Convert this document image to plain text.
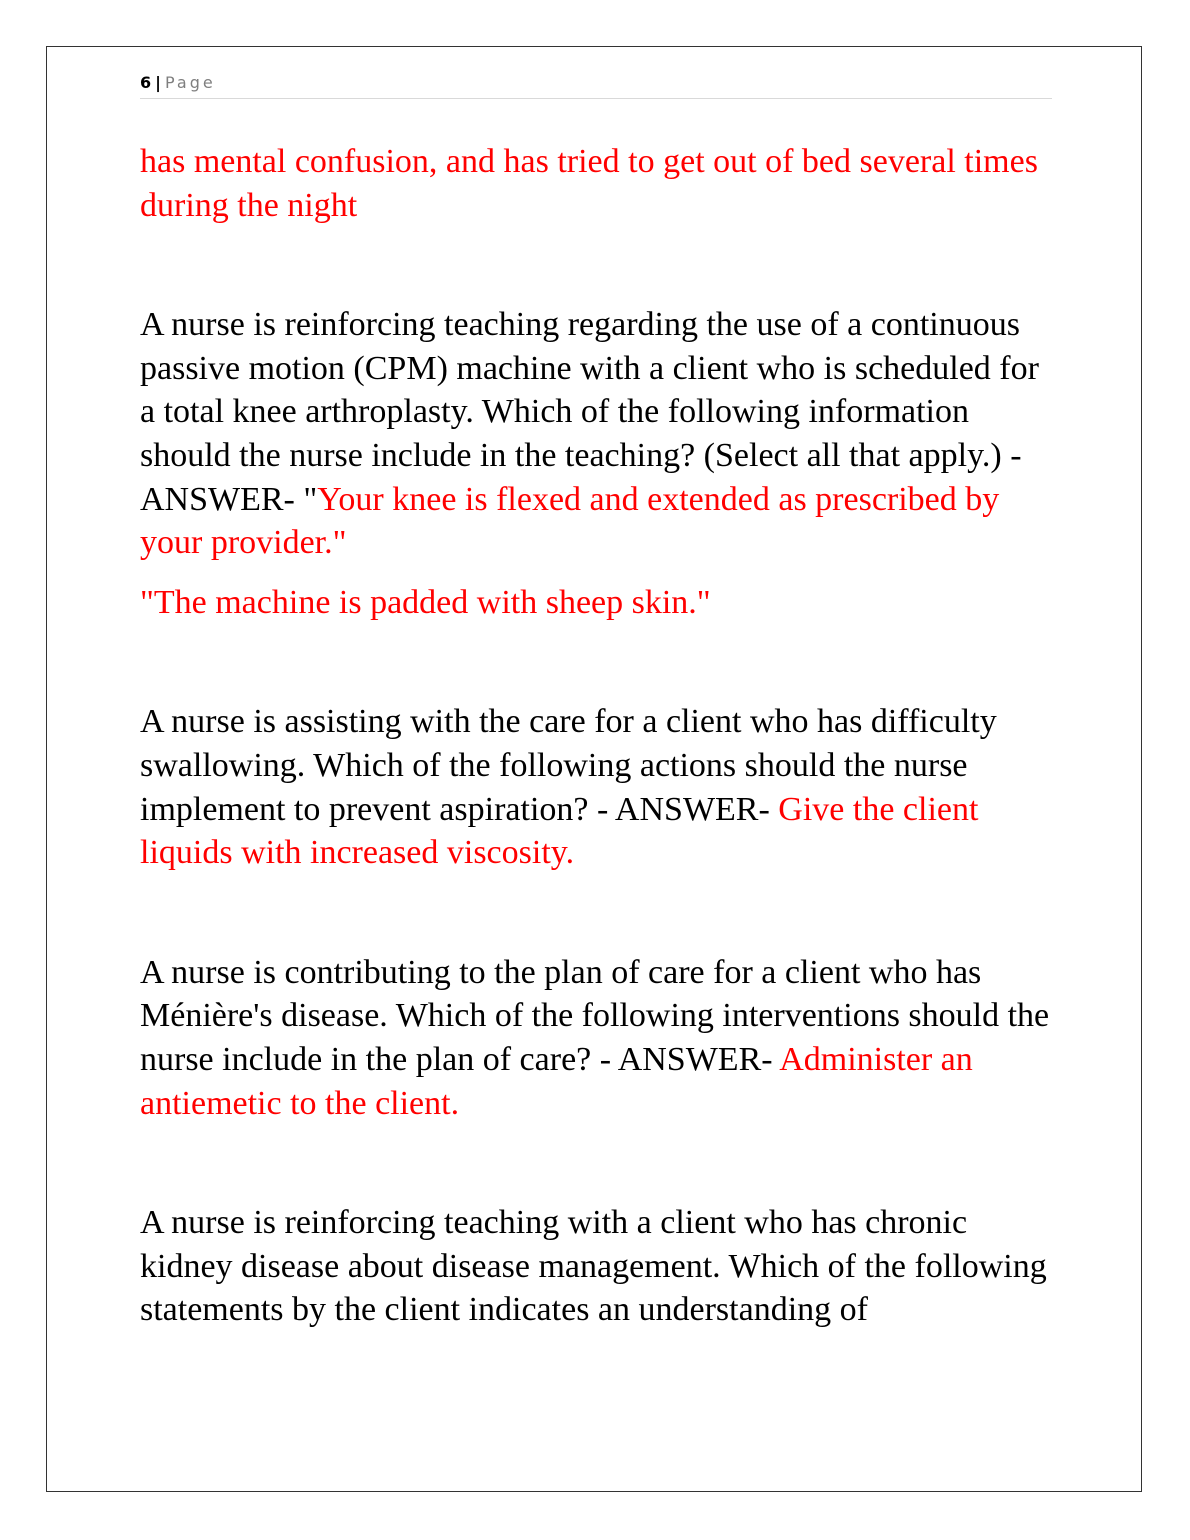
6 | Page

has mental confusion, and has tried to get out of bed several times during the night

A nurse is reinforcing teaching regarding the use of a continuous passive motion (CPM) machine with a client who is scheduled for a total knee arthroplasty. Which of the following information should the nurse include in the teaching? (Select all that apply.) - ANSWER- "Your knee is flexed and extended as prescribed by your provider."

"The machine is padded with sheep skin."

A nurse is assisting with the care for a client who has difficulty swallowing. Which of the following actions should the nurse implement to prevent aspiration? - ANSWER- Give the client liquids with increased viscosity.

A nurse is contributing to the plan of care for a client who has Ménière's disease. Which of the following interventions should the nurse include in the plan of care? - ANSWER- Administer an antiemetic to the client.

A nurse is reinforcing teaching with a client who has chronic kidney disease about disease management. Which of the following statements by the client indicates an understanding of
